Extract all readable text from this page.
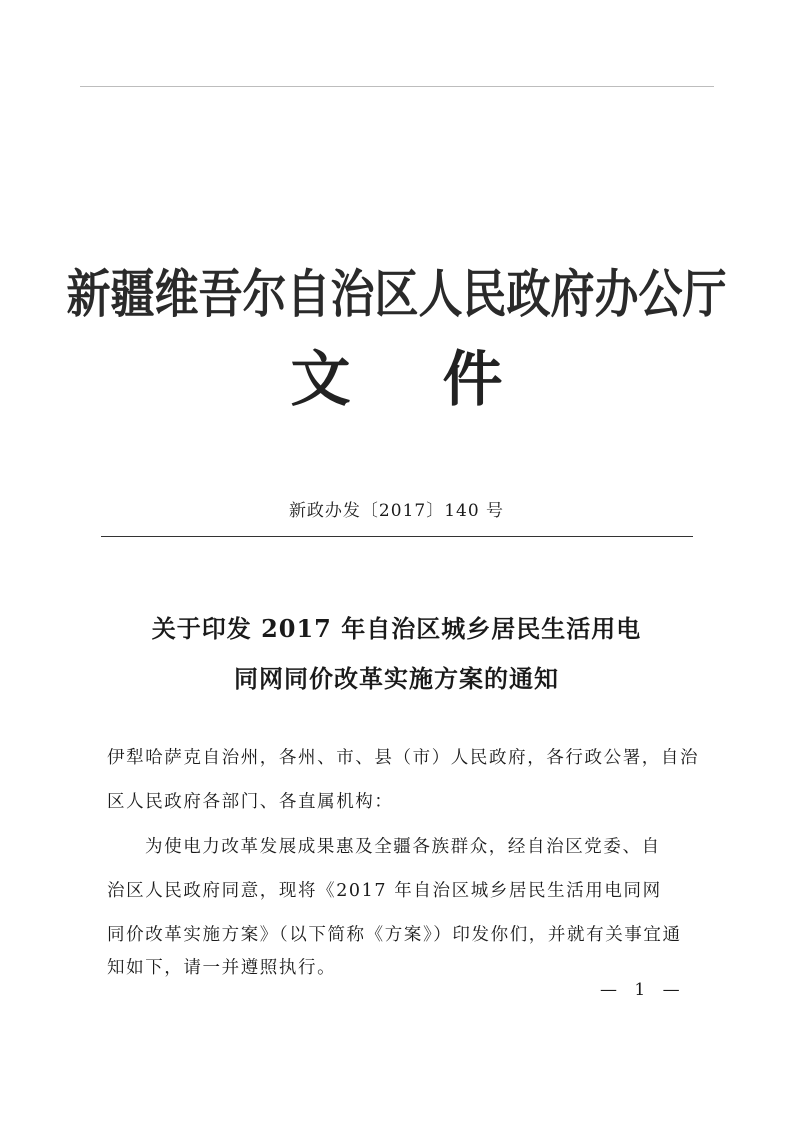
新疆维吾尔自治区人民政府办公厅
文 件
新政办发〔2017〕140 号
关于印发 2017 年自治区城乡居民生活用电
同网同价改革实施方案的通知
伊犁哈萨克自治州，各州、市、县（市）人民政府，各行政公署，自治
区人民政府各部门、各直属机构：
为使电力改革发展成果惠及全疆各族群众，经自治区党委、自
治区人民政府同意，现将《2017 年自治区城乡居民生活用电同网
同价改革实施方案》（以下简称《方案》）印发你们，并就有关事宜通
知如下，请一并遵照执行。
— 1 —
